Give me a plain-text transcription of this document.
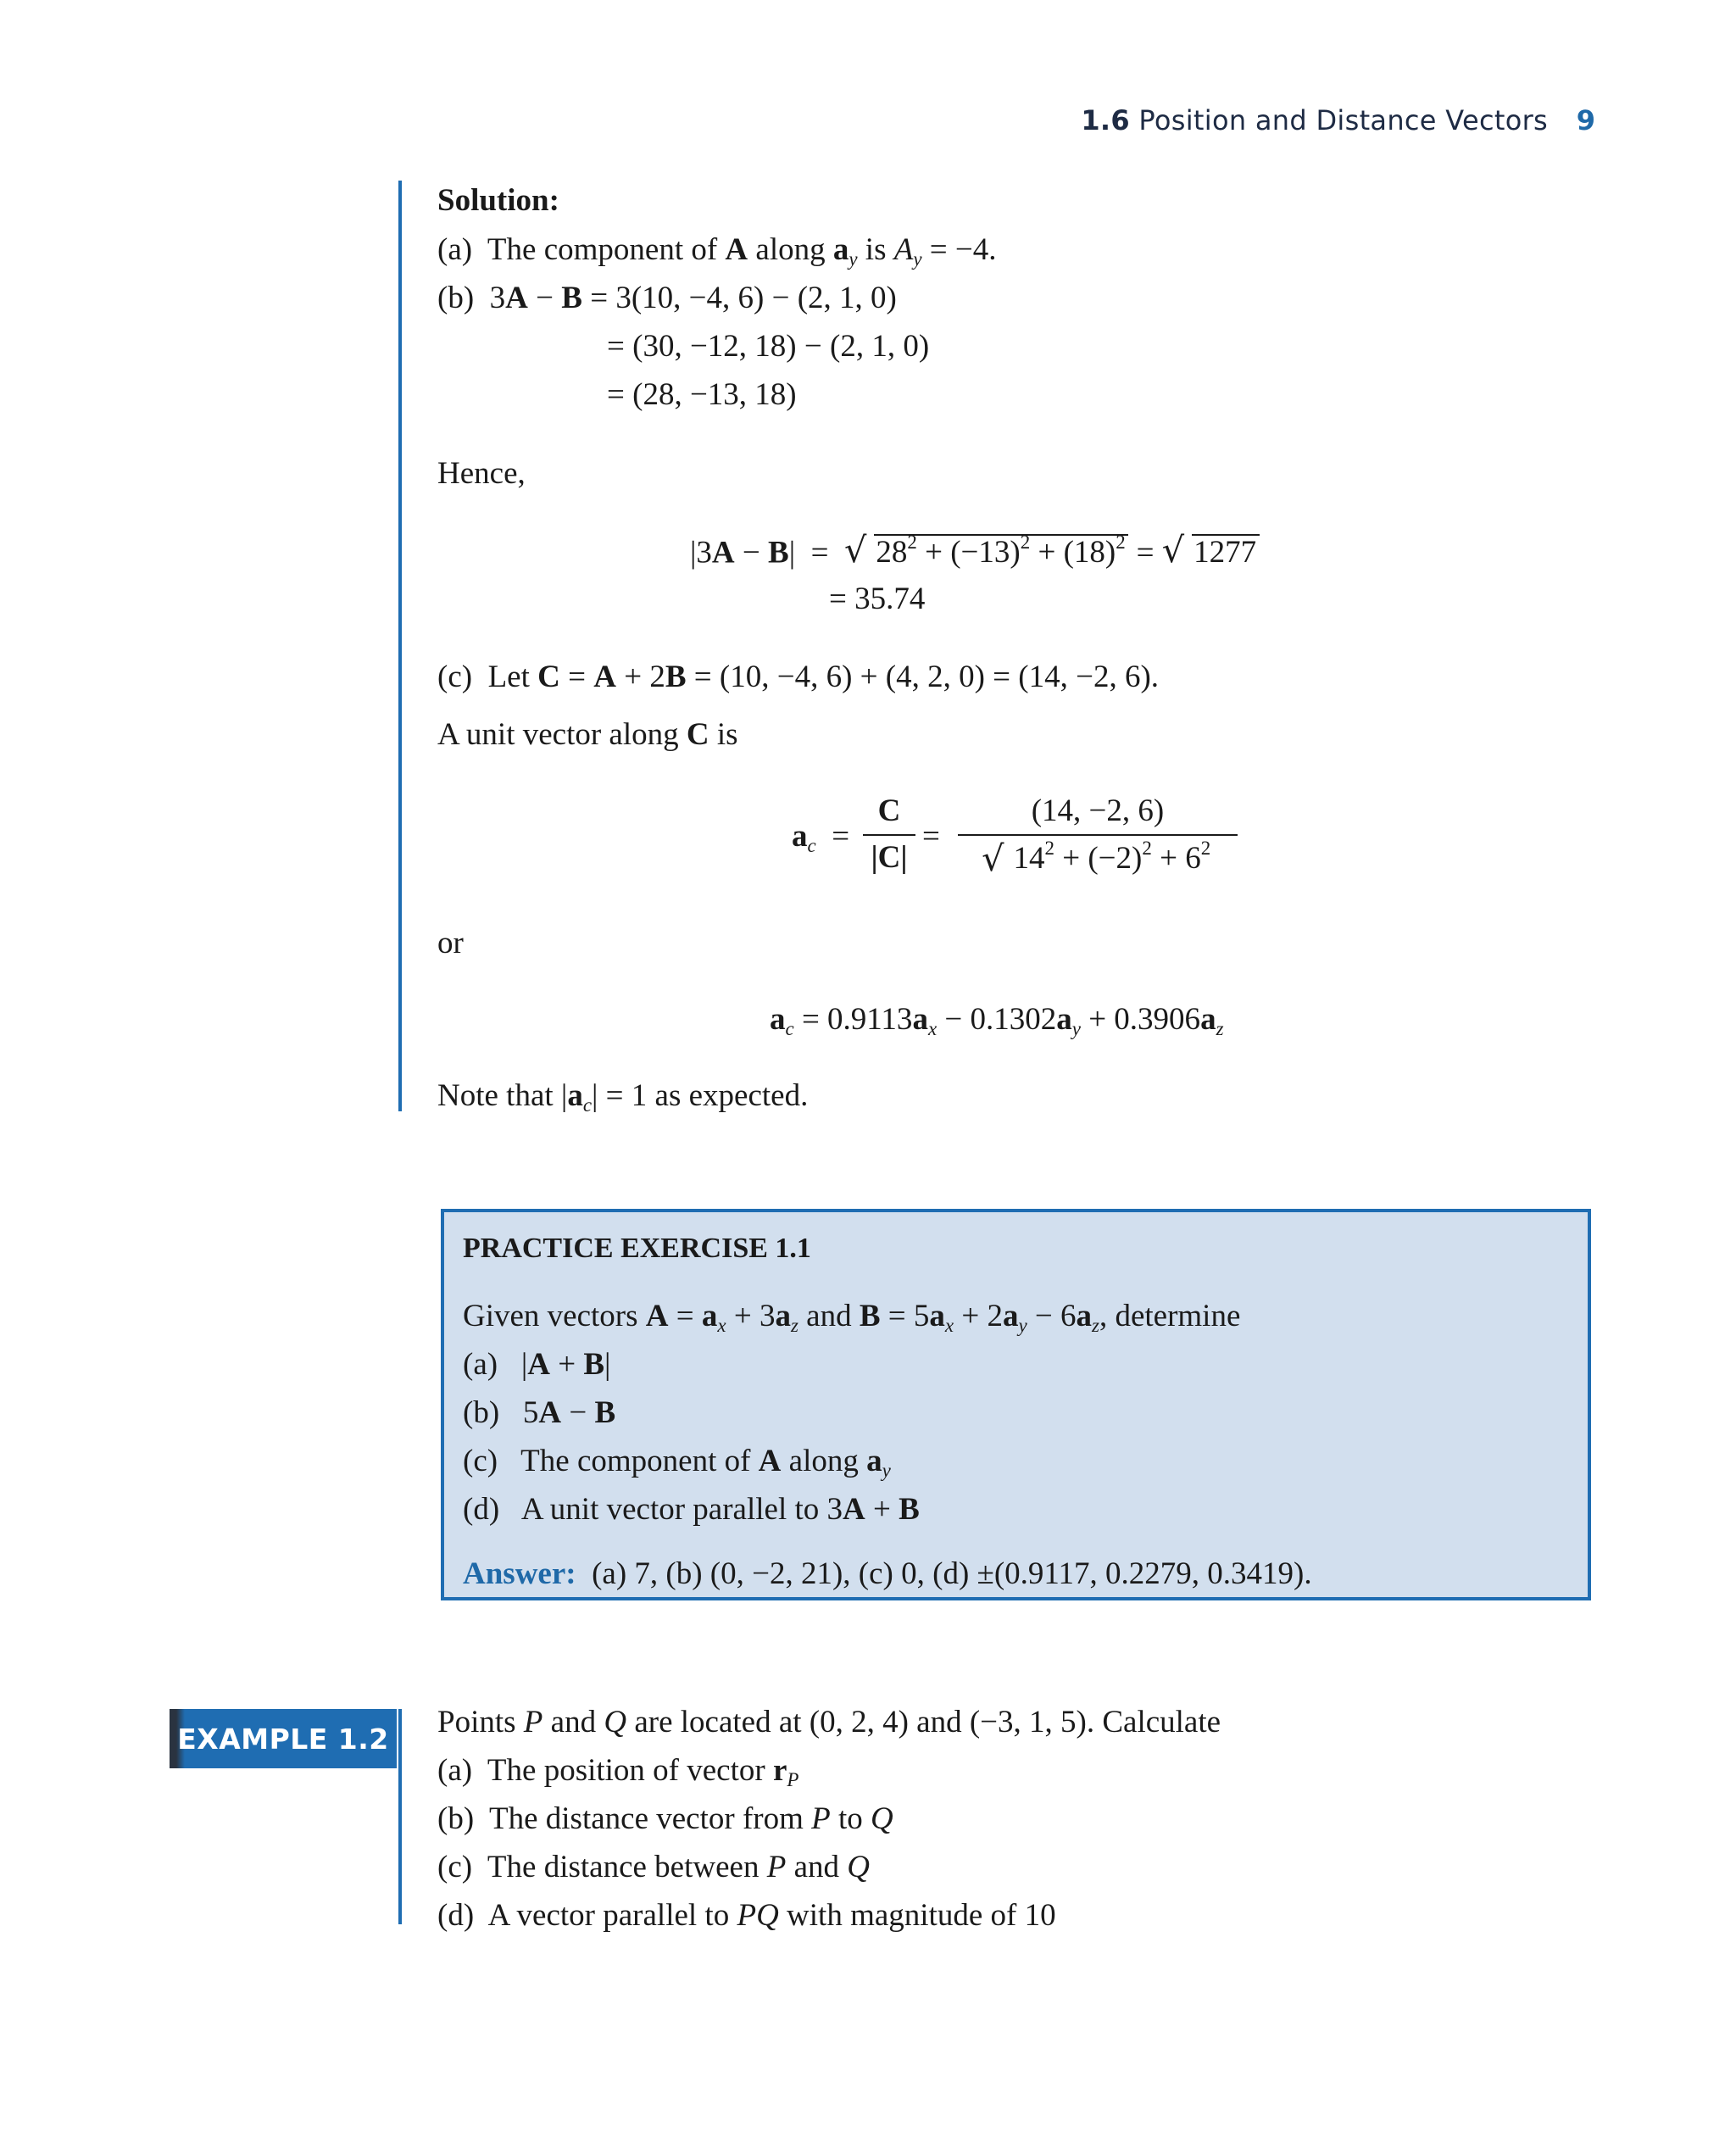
1.6 Position and Distance Vectors 9
Solution:
(a) The component of A along $a_y$ is $A_y = -4$.
(b) 3A − B = 3(10, −4, 6) − (2, 1, 0)
= (30, −12, 18) − (2, 1, 0)
= (28, −13, 18)
Hence,
|3A − B| = √ $28^2 + (-13)^2 + (18)^2$ = √ 1277
= 35.74
(c) Let C = A + 2B = (10, −4, 6) + (4, 2, 0) = (14, −2, 6).
A unit vector along C is
$a_c = \frac{C}{|C|} = \frac{(14, -2, 6)}{√ 14^2 + (-2)^2 + 6^2}$
or
$a_c = 0.9113a_x - 0.1302a_y + 0.3906a_z$
Note that $|a_c| = 1$ as expected.
PRACTICE EXERCISE 1.1
Given vectors $A = a_x + 3a_z$ and $B = 5a_x + 2a_y - 6a_z$, determine
(a) |A + B|
(b) 5A − B
(c) The component of A along $a_y$
(d) A unit vector parallel to 3A + B
Answer: (a) 7, (b) (0, −2, 21), (c) 0, (d) ±(0.9117, 0.2279, 0.3419).
EXAMPLE 1.2 Points P and Q are located at (0, 2, 4) and (−3, 1, 5). Calculate
(a) The position of vector $r_P$
(b) The distance vector from P to Q
(c) The distance between P and Q
(d) A vector parallel to PQ with magnitude of 10
